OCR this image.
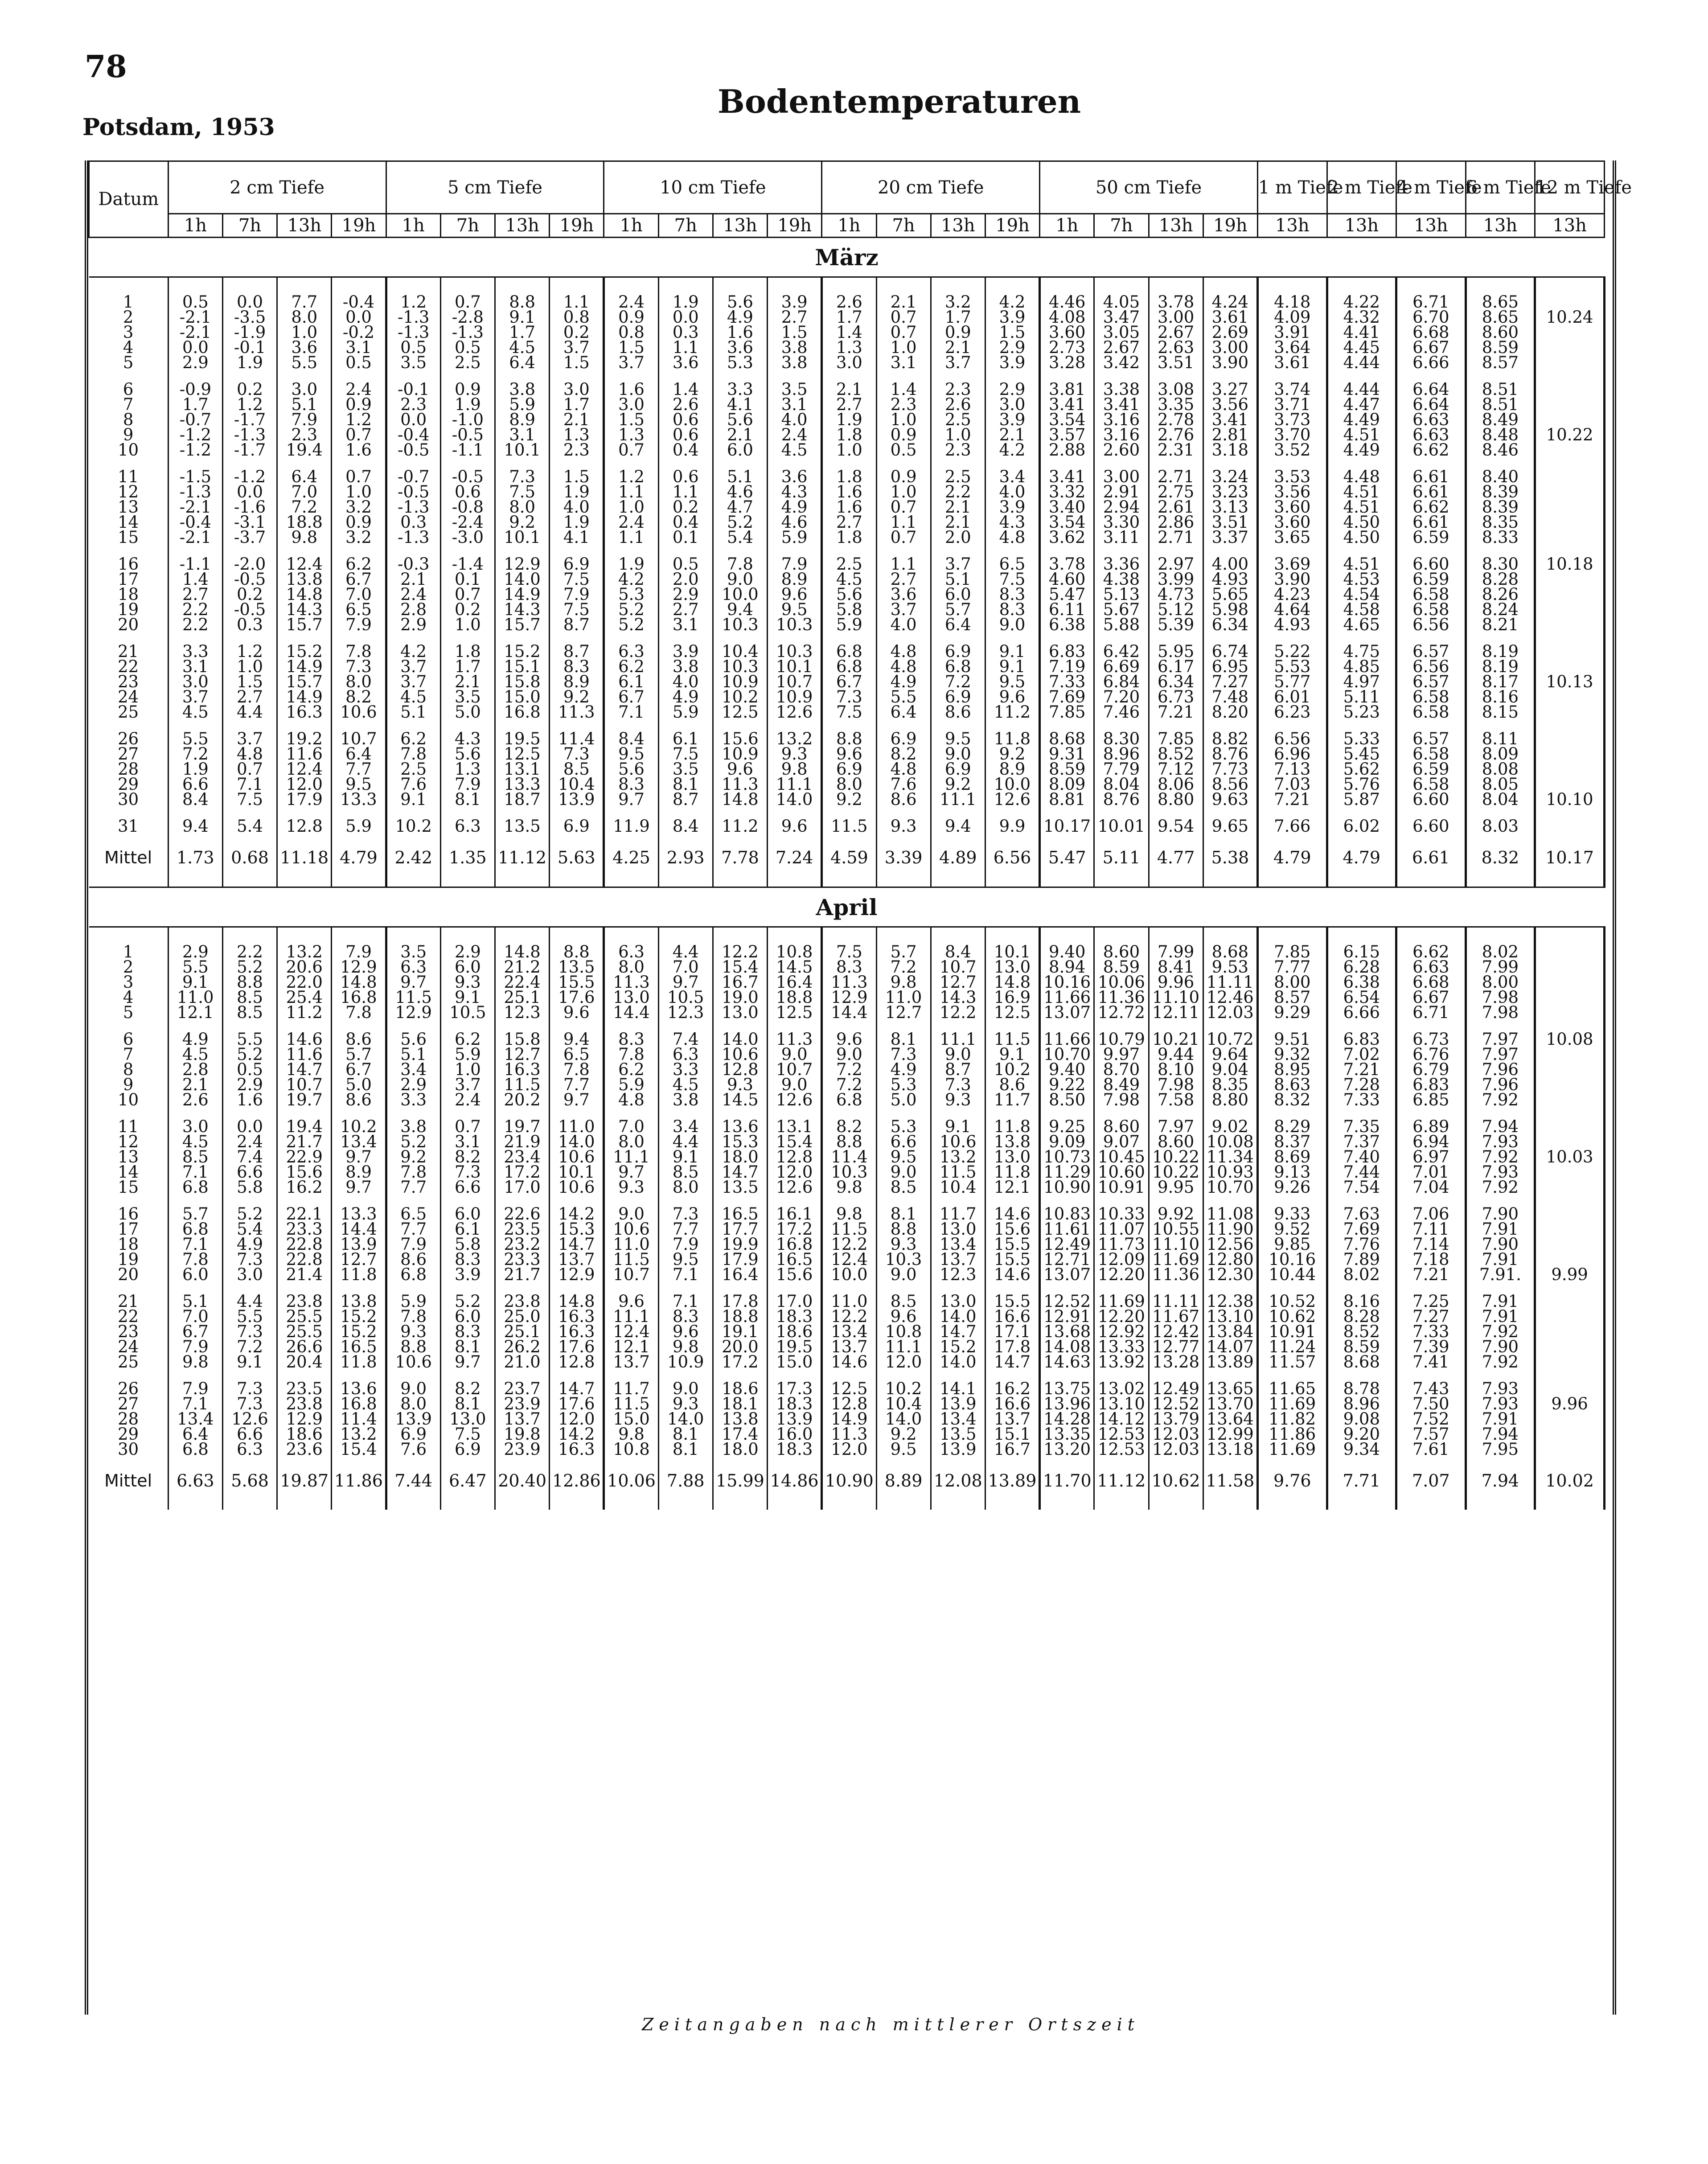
78
Potsdam, 1953
Bodentemperaturen
Datum	2 cm Tiefe				5 cm Tiefe				10 cm Tiefe				20 cm Tiefe				50 cm Tiefe				1 m Tiefe	2 m Tiefe	4 m Tiefe	6 m Tiefe	12 m Tiefe
	1h	7h	13h	19h	1h	7h	13h	19h	1h	7h	13h	19h	1h	7h	13h	19h	1h	7h	13h	19h	13h	13h	13h	13h	13h
März																									

1	0.5	0.0	7.7	-0.4	1.2	0.7	8.8	1.1	2.4	1.9	5.6	3.9	2.6	2.1	3.2	4.2	4.46	4.05	3.78	4.24	4.18	4.22	6.71	8.65	
2	-2.1	-3.5	8.0	0.0	-1.3	-2.8	9.1	0.8	0.9	0.0	4.9	2.7	1.7	0.7	1.7	3.9	4.08	3.47	3.00	3.61	4.09	4.32	6.70	8.65	10.24
3	-2.1	-1.9	1.0	-0.2	-1.3	-1.3	1.7	0.2	0.8	0.3	1.6	1.5	1.4	0.7	0.9	1.5	3.60	3.05	2.67	2.69	3.91	4.41	6.68	8.60	
4	0.0	-0.1	3.6	3.1	0.5	0.5	4.5	3.7	1.5	1.1	3.6	3.8	1.3	1.0	2.1	2.9	2.73	2.67	2.63	3.00	3.64	4.45	6.67	8.59	
5	2.9	1.9	5.5	0.5	3.5	2.5	6.4	1.5	3.7	3.6	5.3	3.8	3.0	3.1	3.7	3.9	3.28	3.42	3.51	3.90	3.61	4.44	6.66	8.57	

6	-0.9	0.2	3.0	2.4	-0.1	0.9	3.8	3.0	1.6	1.4	3.3	3.5	2.1	1.4	2.3	2.9	3.81	3.38	3.08	3.27	3.74	4.44	6.64	8.51	
7	1.7	1.2	5.1	0.9	2.3	1.9	5.9	1.7	3.0	2.6	4.1	3.1	2.7	2.3	2.6	3.0	3.41	3.41	3.35	3.56	3.71	4.47	6.64	8.51	
8	-0.7	-1.7	7.9	1.2	0.0	-1.0	8.9	2.1	1.5	0.6	5.6	4.0	1.9	1.0	2.5	3.9	3.54	3.16	2.78	3.41	3.73	4.49	6.63	8.49	
9	-1.2	-1.3	2.3	0.7	-0.4	-0.5	3.1	1.3	1.3	0.6	2.1	2.4	1.8	0.9	1.0	2.1	3.57	3.16	2.76	2.81	3.70	4.51	6.63	8.48	10.22
10	-1.2	-1.7	19.4	1.6	-0.5	-1.1	10.1	2.3	0.7	0.4	6.0	4.5	1.0	0.5	2.3	4.2	2.88	2.60	2.31	3.18	3.52	4.49	6.62	8.46	

11	-1.5	-1.2	6.4	0.7	-0.7	-0.5	7.3	1.5	1.2	0.6	5.1	3.6	1.8	0.9	2.5	3.4	3.41	3.00	2.71	3.24	3.53	4.48	6.61	8.40	
12	-1.3	0.0	7.0	1.0	-0.5	0.6	7.5	1.9	1.1	1.1	4.6	4.3	1.6	1.0	2.2	4.0	3.32	2.91	2.75	3.23	3.56	4.51	6.61	8.39	
13	-2.1	-1.6	7.2	3.2	-1.3	-0.8	8.0	4.0	1.0	0.2	4.7	4.9	1.6	0.7	2.1	3.9	3.40	2.94	2.61	3.13	3.60	4.51	6.62	8.39	
14	-0.4	-3.1	18.8	0.9	0.3	-2.4	9.2	1.9	2.4	0.4	5.2	4.6	2.7	1.1	2.1	4.3	3.54	3.30	2.86	3.51	3.60	4.50	6.61	8.35	
15	-2.1	-3.7	9.8	3.2	-1.3	-3.0	10.1	4.1	1.1	0.1	5.4	5.9	1.8	0.7	2.0	4.8	3.62	3.11	2.71	3.37	3.65	4.50	6.59	8.33	

16	-1.1	-2.0	12.4	6.2	-0.3	-1.4	12.9	6.9	1.9	0.5	7.8	7.9	2.5	1.1	3.7	6.5	3.78	3.36	2.97	4.00	3.69	4.51	6.60	8.30	10.18
17	1.4	-0.5	13.8	6.7	2.1	0.1	14.0	7.5	4.2	2.0	9.0	8.9	4.5	2.7	5.1	7.5	4.60	4.38	3.99	4.93	3.90	4.53	6.59	8.28	
18	2.7	0.2	14.8	7.0	2.4	0.7	14.9	7.9	5.3	2.9	10.0	9.6	5.6	3.6	6.0	8.3	5.47	5.13	4.73	5.65	4.23	4.54	6.58	8.26	
19	2.2	-0.5	14.3	6.5	2.8	0.2	14.3	7.5	5.2	2.7	9.4	9.5	5.8	3.7	5.7	8.3	6.11	5.67	5.12	5.98	4.64	4.58	6.58	8.24	
20	2.2	0.3	15.7	7.9	2.9	1.0	15.7	8.7	5.2	3.1	10.3	10.3	5.9	4.0	6.4	9.0	6.38	5.88	5.39	6.34	4.93	4.65	6.56	8.21	

21	3.3	1.2	15.2	7.8	4.2	1.8	15.2	8.7	6.3	3.9	10.4	10.3	6.8	4.8	6.9	9.1	6.83	6.42	5.95	6.74	5.22	4.75	6.57	8.19	
22	3.1	1.0	14.9	7.3	3.7	1.7	15.1	8.3	6.2	3.8	10.3	10.1	6.8	4.8	6.8	9.1	7.19	6.69	6.17	6.95	5.53	4.85	6.56	8.19	
23	3.0	1.5	15.7	8.0	3.7	2.1	15.8	8.9	6.1	4.0	10.9	10.7	6.7	4.9	7.2	9.5	7.33	6.84	6.34	7.27	5.77	4.97	6.57	8.17	10.13
24	3.7	2.7	14.9	8.2	4.5	3.5	15.0	9.2	6.7	4.9	10.2	10.9	7.3	5.5	6.9	9.6	7.69	7.20	6.73	7.48	6.01	5.11	6.58	8.16	
25	4.5	4.4	16.3	10.6	5.1	5.0	16.8	11.3	7.1	5.9	12.5	12.6	7.5	6.4	8.6	11.2	7.85	7.46	7.21	8.20	6.23	5.23	6.58	8.15	

26	5.5	3.7	19.2	10.7	6.2	4.3	19.5	11.4	8.4	6.1	15.6	13.2	8.8	6.9	9.5	11.8	8.68	8.30	7.85	8.82	6.56	5.33	6.57	8.11	
27	7.2	4.8	11.6	6.4	7.8	5.6	12.5	7.3	9.5	7.5	10.9	9.3	9.6	8.2	9.0	9.2	9.31	8.96	8.52	8.76	6.96	5.45	6.58	8.09	
28	1.9	0.7	12.4	7.7	2.5	1.3	13.1	8.5	5.6	3.5	9.6	9.8	6.9	4.8	6.9	8.9	8.59	7.79	7.12	7.73	7.13	5.62	6.59	8.08	
29	6.6	7.1	12.0	9.5	7.6	7.9	13.3	10.4	8.3	8.1	11.3	11.1	8.0	7.6	9.2	10.0	8.09	8.04	8.06	8.56	7.03	5.76	6.58	8.05	
30	8.4	7.5	17.9	13.3	9.1	8.1	18.7	13.9	9.7	8.7	14.8	14.0	9.2	8.6	11.1	12.6	8.81	8.76	8.80	9.63	7.21	5.87	6.60	8.04	10.10

31	9.4	5.4	12.8	5.9	10.2	6.3	13.5	6.9	11.9	8.4	11.2	9.6	11.5	9.3	9.4	9.9	10.17	10.01	9.54	9.65	7.66	6.02	6.60	8.03	

Mittel	1.73	0.68	11.18	4.79	2.42	1.35	11.12	5.63	4.25	2.93	7.78	7.24	4.59	3.39	4.89	6.56	5.47	5.11	4.77	5.38	4.79	4.79	6.61	8.32	10.17

April																									

1	2.9	2.2	13.2	7.9	3.5	2.9	14.8	8.8	6.3	4.4	12.2	10.8	7.5	5.7	8.4	10.1	9.40	8.60	7.99	8.68	7.85	6.15	6.62	8.02	
2	5.5	5.2	20.6	12.9	6.3	6.0	21.2	13.5	8.0	7.0	15.4	14.5	8.3	7.2	10.7	13.0	8.94	8.59	8.41	9.53	7.77	6.28	6.63	7.99	
3	9.1	8.8	22.0	14.8	9.7	9.3	22.4	15.5	11.3	9.7	16.7	16.4	11.3	9.8	12.7	14.8	10.16	10.06	9.96	11.11	8.00	6.38	6.68	8.00	
4	11.0	8.5	25.4	16.8	11.5	9.1	25.1	17.6	13.0	10.5	19.0	18.8	12.9	11.0	14.3	16.9	11.66	11.36	11.10	12.46	8.57	6.54	6.67	7.98	
5	12.1	8.5	11.2	7.8	12.9	10.5	12.3	9.6	14.4	12.3	13.0	12.5	14.4	12.7	12.2	12.5	13.07	12.72	12.11	12.03	9.29	6.66	6.71	7.98	

6	4.9	5.5	14.6	8.6	5.6	6.2	15.8	9.4	8.3	7.4	14.0	11.3	9.6	8.1	11.1	11.5	11.66	10.79	10.21	10.72	9.51	6.83	6.73	7.97	10.08
7	4.5	5.2	11.6	5.7	5.1	5.9	12.7	6.5	7.8	6.3	10.6	9.0	9.0	7.3	9.0	9.1	10.70	9.97	9.44	9.64	9.32	7.02	6.76	7.97	
8	2.8	0.5	14.7	6.7	3.4	1.0	16.3	7.8	6.2	3.3	12.8	10.7	7.2	4.9	8.7	10.2	9.40	8.70	8.10	9.04	8.95	7.21	6.79	7.96	
9	2.1	2.9	10.7	5.0	2.9	3.7	11.5	7.7	5.9	4.5	9.3	9.0	7.2	5.3	7.3	8.6	9.22	8.49	7.98	8.35	8.63	7.28	6.83	7.96	
10	2.6	1.6	19.7	8.6	3.3	2.4	20.2	9.7	4.8	3.8	14.5	12.6	6.8	5.0	9.3	11.7	8.50	7.98	7.58	8.80	8.32	7.33	6.85	7.92	

11	3.0	0.0	19.4	10.2	3.8	0.7	19.7	11.0	7.0	3.4	13.6	13.1	8.2	5.3	9.1	11.8	9.25	8.60	7.97	9.02	8.29	7.35	6.89	7.94	
12	4.5	2.4	21.7	13.4	5.2	3.1	21.9	14.0	8.0	4.4	15.3	15.4	8.8	6.6	10.6	13.8	9.09	9.07	8.60	10.08	8.37	7.37	6.94	7.93	
13	8.5	7.4	22.9	9.7	9.2	8.2	23.4	10.6	11.1	9.1	18.0	12.8	11.4	9.5	13.2	13.0	10.73	10.45	10.22	11.34	8.69	7.40	6.97	7.92	10.03
14	7.1	6.6	15.6	8.9	7.8	7.3	17.2	10.1	9.7	8.5	14.7	12.0	10.3	9.0	11.5	11.8	11.29	10.60	10.22	10.93	9.13	7.44	7.01	7.93	
15	6.8	5.8	16.2	9.7	7.7	6.6	17.0	10.6	9.3	8.0	13.5	12.6	9.8	8.5	10.4	12.1	10.90	10.91	9.95	10.70	9.26	7.54	7.04	7.92	

16	5.7	5.2	22.1	13.3	6.5	6.0	22.6	14.2	9.0	7.3	16.5	16.1	9.8	8.1	11.7	14.6	10.83	10.33	9.92	11.08	9.33	7.63	7.06	7.90	
17	6.8	5.4	23.3	14.4	7.7	6.1	23.5	15.3	10.6	7.7	17.7	17.2	11.5	8.8	13.0	15.6	11.61	11.07	10.55	11.90	9.52	7.69	7.11	7.91	
18	7.1	4.9	22.8	13.9	7.9	5.8	23.2	14.7	11.0	7.9	19.9	16.8	12.2	9.3	13.4	15.5	12.49	11.73	11.10	12.56	9.85	7.76	7.14	7.90	
19	7.8	7.3	22.8	12.7	8.6	8.3	23.3	13.7	11.5	9.5	17.9	16.5	12.4	10.3	13.7	15.5	12.71	12.09	11.69	12.80	10.16	7.89	7.18	7.91	
20	6.0	3.0	21.4	11.8	6.8	3.9	21.7	12.9	10.7	7.1	16.4	15.6	10.0	9.0	12.3	14.6	13.07	12.20	11.36	12.30	10.44	8.02	7.21	7.91.	9.99

21	5.1	4.4	23.8	13.8	5.9	5.2	23.8	14.8	9.6	7.1	17.8	17.0	11.0	8.5	13.0	15.5	12.52	11.69	11.11	12.38	10.52	8.16	7.25	7.91	
22	7.0	5.5	25.5	15.2	7.8	6.0	25.0	16.3	11.1	8.3	18.8	18.3	12.2	9.6	14.0	16.6	12.91	12.20	11.67	13.10	10.62	8.28	7.27	7.91	
23	6.7	7.3	25.5	15.2	9.3	8.3	25.1	16.3	12.4	9.6	19.1	18.6	13.4	10.8	14.7	17.1	13.68	12.92	12.42	13.84	10.91	8.52	7.33	7.92	
24	7.9	7.2	26.6	16.5	8.8	8.1	26.2	17.6	12.1	9.8	20.0	19.5	13.7	11.1	15.2	17.8	14.08	13.33	12.77	14.07	11.24	8.59	7.39	7.90	
25	9.8	9.1	20.4	11.8	10.6	9.7	21.0	12.8	13.7	10.9	17.2	15.0	14.6	12.0	14.0	14.7	14.63	13.92	13.28	13.89	11.57	8.68	7.41	7.92	

26	7.9	7.3	23.5	13.6	9.0	8.2	23.7	14.7	11.7	9.0	18.6	17.3	12.5	10.2	14.1	16.2	13.75	13.02	12.49	13.65	11.65	8.78	7.43	7.93	
27	7.1	7.3	23.8	16.8	8.0	8.1	23.9	17.6	11.5	9.3	18.1	18.3	12.8	10.4	13.9	16.6	13.96	13.10	12.52	13.70	11.69	8.96	7.50	7.93	9.96
28	13.4	12.6	12.9	11.4	13.9	13.0	13.7	12.0	15.0	14.0	13.8	13.9	14.9	14.0	13.4	13.7	14.28	14.12	13.79	13.64	11.82	9.08	7.52	7.91	
29	6.4	6.6	18.6	13.2	6.9	7.5	19.8	14.2	9.8	8.1	17.4	16.0	11.3	9.2	13.5	15.1	13.35	12.53	12.03	12.99	11.86	9.20	7.57	7.94	
30	6.8	6.3	23.6	15.4	7.6	6.9	23.9	16.3	10.8	8.1	18.0	18.3	12.0	9.5	13.9	16.7	13.20	12.53	12.03	13.18	11.69	9.34	7.61	7.95	

Mittel	6.63	5.68	19.87	11.86	7.44	6.47	20.40	12.86	10.06	7.88	15.99	14.86	10.90	8.89	12.08	13.89	11.70	11.12	10.62	11.58	9.76	7.71	7.07	7.94	10.02

Zeitangaben nach mittlerer Ortszeit
